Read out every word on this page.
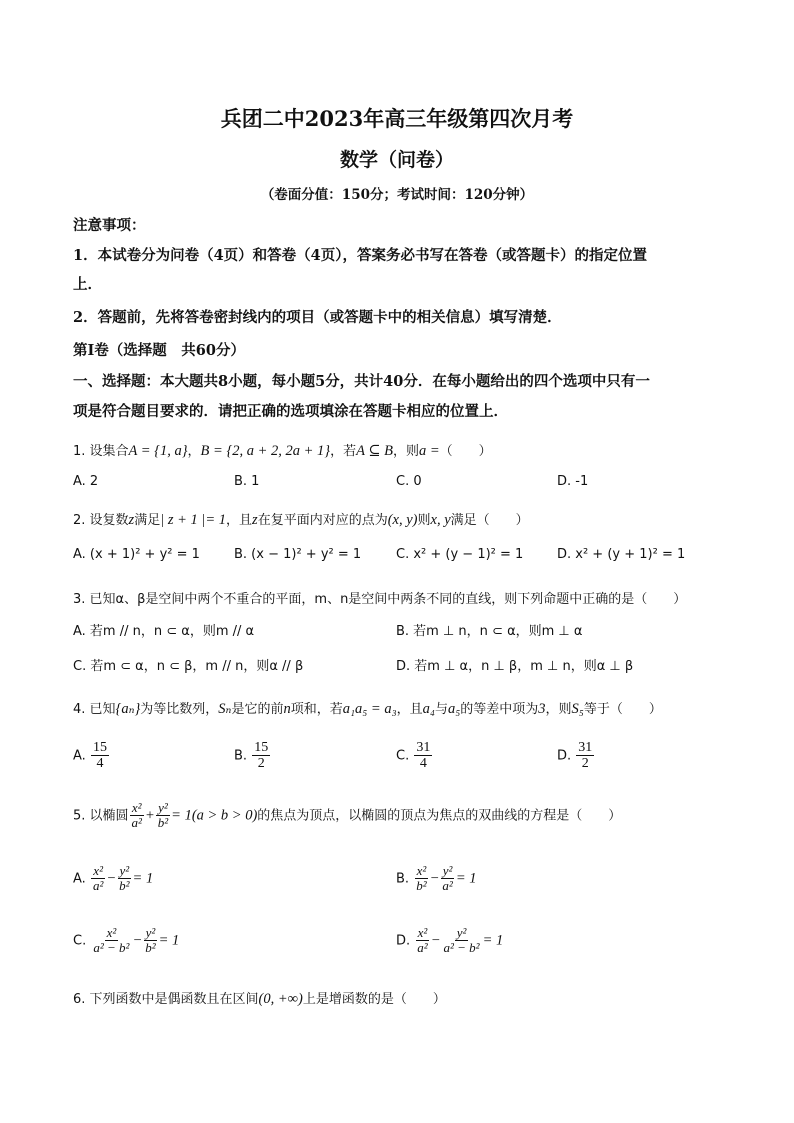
兵团二中2023年高三年级第四次月考
数学（问卷）
（卷面分值：150分；考试时间：120分钟）
注意事项：
1．本试卷分为问卷（4页）和答卷（4页），答案务必书写在答卷（或答题卡）的指定位置
上．
2．答题前，先将答卷密封线内的项目（或答题卡中的相关信息）填写清楚．
第Ⅰ卷（选择题　共60分）
一、选择题：本大题共8小题，每小题5分，共计40分．在每小题给出的四个选项中只有一
项是符合题目要求的．请把正确的选项填涂在答题卡相应的位置上．
1. 设集合A = {1, a}，B = {2, a + 2, 2a + 1}，若A ⊆ B，则a =（　　）
A. 2	B. 1	C. 0	D. -1
2. 设复数z满足| z + 1 |= 1，且z在复平面内对应的点为(x, y)则x, y满足（　　）
A. (x + 1)² + y² = 1	B. (x − 1)² + y² = 1	C. x² + (y − 1)² = 1	D. x² + (y + 1)² = 1
3. 已知α、β是空间中两个不重合的平面，m、n是空间中两条不同的直线，则下列命题中正确的是（　　）
A. 若m // n，n ⊂ α，则m // α	B. 若m ⊥ n，n ⊂ α，则m ⊥ α
C. 若m ⊂ α，n ⊂ β，m // n，则α // β	D. 若m ⊥ α，n ⊥ β，m ⊥ n，则α ⊥ β
4. 已知{aₙ}为等比数列，Sₙ是它的前n项和，若a₁a₅ = a₃，且a₄与a₅的等差中项为3，则S₅等于（　　）
A. $\frac{15}{4}$	B. $\frac{15}{2}$	C. $\frac{31}{4}$	D. $\frac{31}{2}$
5. 以椭圆 $\frac{\text{x²}}{\text{a²}} + \frac{\text{y²}}{\text{b²}} = 1(a > b > 0)$的焦点为顶点，以椭圆的顶点为焦点的双曲线的方程是（　　）
A. $\frac{\text{x²}}{\text{a²}} - \frac{\text{y²}}{\text{b²}} = 1$	B. $\frac{\text{x²}}{\text{b²}} - \frac{\text{y²}}{\text{a²}} = 1$
C. $\frac{\text{x²}}{\text{a² − b²}} - \frac{\text{y²}}{\text{b²}} = 1$	D. $\frac{\text{x²}}{\text{a²}} - \frac{\text{y²}}{\text{a² − b²}} = 1$
6. 下列函数中是偶函数且在区间(0, +∞)上是增函数的是（　　）
